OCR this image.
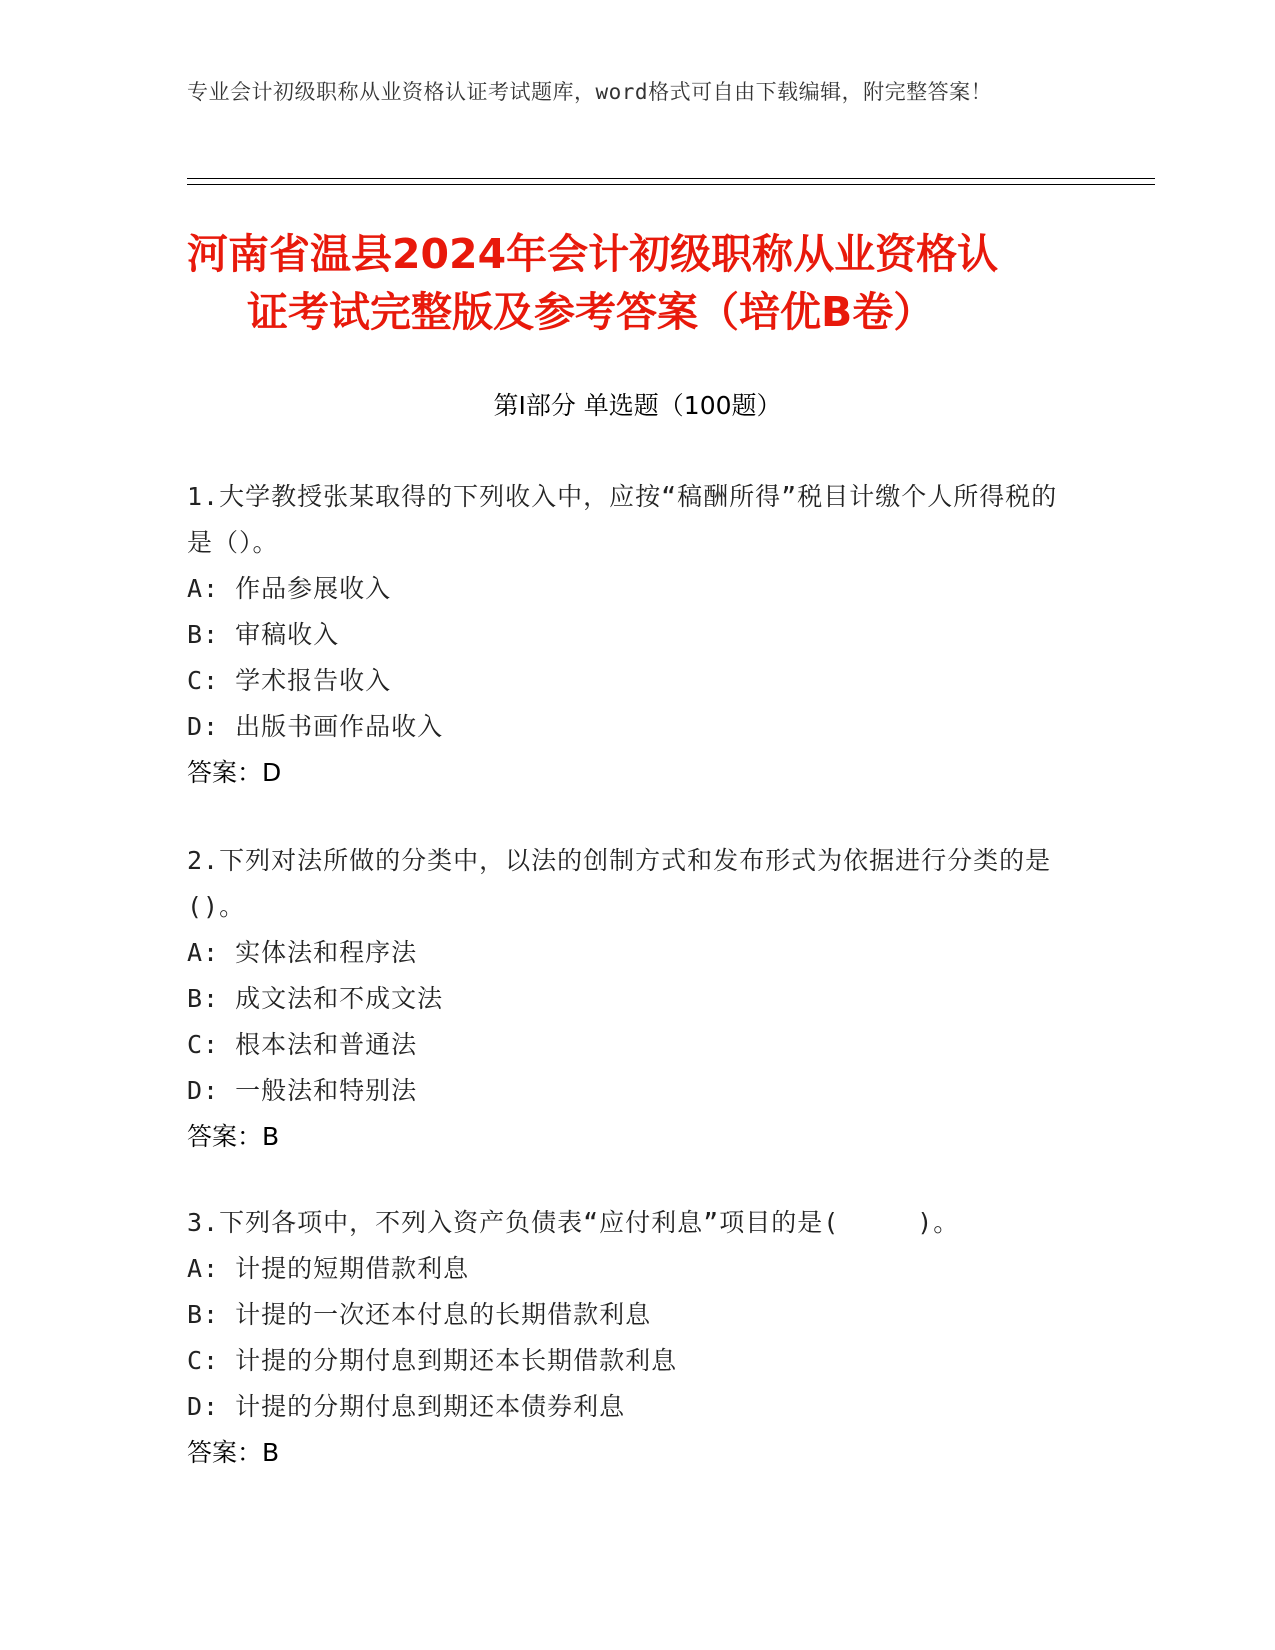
专业会计初级职称从业资格认证考试题库，word格式可自由下载编辑，附完整答案！
河南省温县2024年会计初级职称从业资格认
证考试完整版及参考答案（培优B卷）
第I部分 单选题（100题）
1.大学教授张某取得的下列收入中，应按“稿酬所得”税目计缴个人所得税的是（）。
A: 作品参展收入
B: 审稿收入
C: 学术报告收入
D: 出版书画作品收入
答案：D
2.下列对法所做的分类中，以法的创制方式和发布形式为依据进行分类的是()。
A: 实体法和程序法
B: 成文法和不成文法
C: 根本法和普通法
D: 一般法和特别法
答案：B
3.下列各项中，不列入资产负债表“应付利息”项目的是(　　　)。
A: 计提的短期借款利息
B: 计提的一次还本付息的长期借款利息
C: 计提的分期付息到期还本长期借款利息
D: 计提的分期付息到期还本债券利息
答案：B
